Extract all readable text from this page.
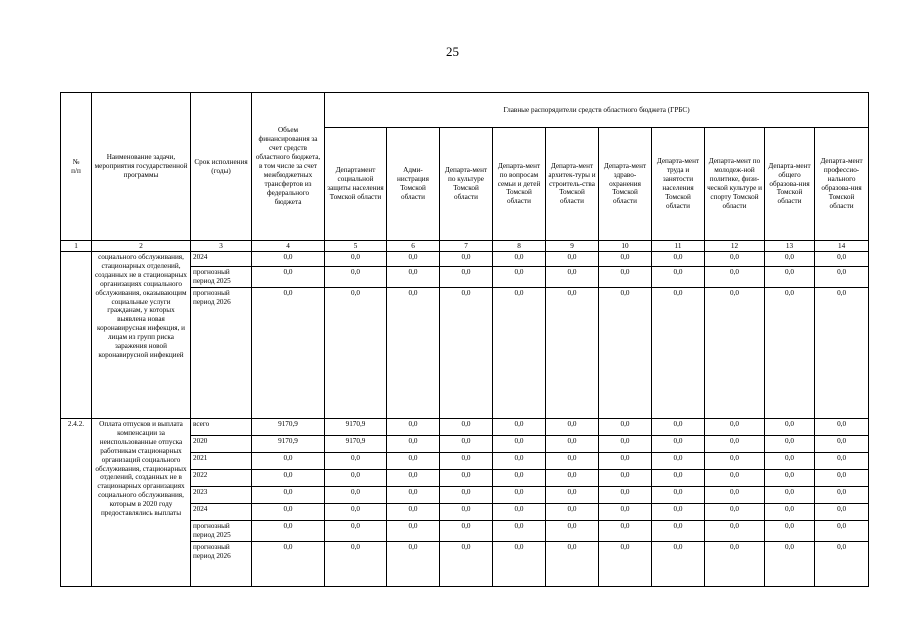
25
№
п/п	Наименование задачи, мероприятия государственной программы	Срок исполнения (годы)	Объем финансирования за счет средств областного бюджета, в том числе за счет межбюджетных трансфертов из федерального бюджета	Главные распорядители средств областного бюджета (ГРБС)									
				Департамент социальной защиты населения Томской области	Адми-нистрация Томской области	Департа-мент по культуре Томской области	Департа-мент по вопросам семьи и детей Томской области	Департа-мент архитек-туры и строитель-ства Томской области	Департа-мент здраво-охранения Томской области	Департа-мент труда и занятости населения Томской области	Департа-мент по молодеж-ной политике, физи-ческой культуре и спорту Томской области	Департа-мент общего образова-ния Томской области	Департа-мент профессио-нального образова-ния Томской области
1	2	3	4	5	6	7	8	9	10	11	12	13	14
	социального обслуживания, стационарных отделений, созданных не в стационарных организациях социального обслуживания, оказывающим социальные услуги гражданам, у которых выявлена новая коронавирусная инфекция, и лицам из групп риска заражения новой коронавирусной инфекцией	2024	0,0	0,0	0,0	0,0	0,0	0,0	0,0	0,0	0,0	0,0	0,0
		прогнозный период 2025	0,0	0,0	0,0	0,0	0,0	0,0	0,0	0,0	0,0	0,0	0,0
		прогнозный период 2026	0,0	0,0	0,0	0,0	0,0	0,0	0,0	0,0	0,0	0,0	0,0
2.4.2.	Оплата отпусков и выплата компенсации за неиспользованные отпуска работникам стационарных организаций социального обслуживания, стационарных отделений, созданных не в стационарных организациях социального обслуживания, которым в 2020 году предоставлялись выплаты	всего	9170,9	9170,9	0,0	0,0	0,0	0,0	0,0	0,0	0,0	0,0	0,0
		2020	9170,9	9170,9	0,0	0,0	0,0	0,0	0,0	0,0	0,0	0,0	0,0
		2021	0,0	0,0	0,0	0,0	0,0	0,0	0,0	0,0	0,0	0,0	0,0
		2022	0,0	0,0	0,0	0,0	0,0	0,0	0,0	0,0	0,0	0,0	0,0
		2023	0,0	0,0	0,0	0,0	0,0	0,0	0,0	0,0	0,0	0,0	0,0
		2024	0,0	0,0	0,0	0,0	0,0	0,0	0,0	0,0	0,0	0,0	0,0
		прогнозный период 2025	0,0	0,0	0,0	0,0	0,0	0,0	0,0	0,0	0,0	0,0	0,0
		прогнозный период 2026	0,0	0,0	0,0	0,0	0,0	0,0	0,0	0,0	0,0	0,0	0,0
